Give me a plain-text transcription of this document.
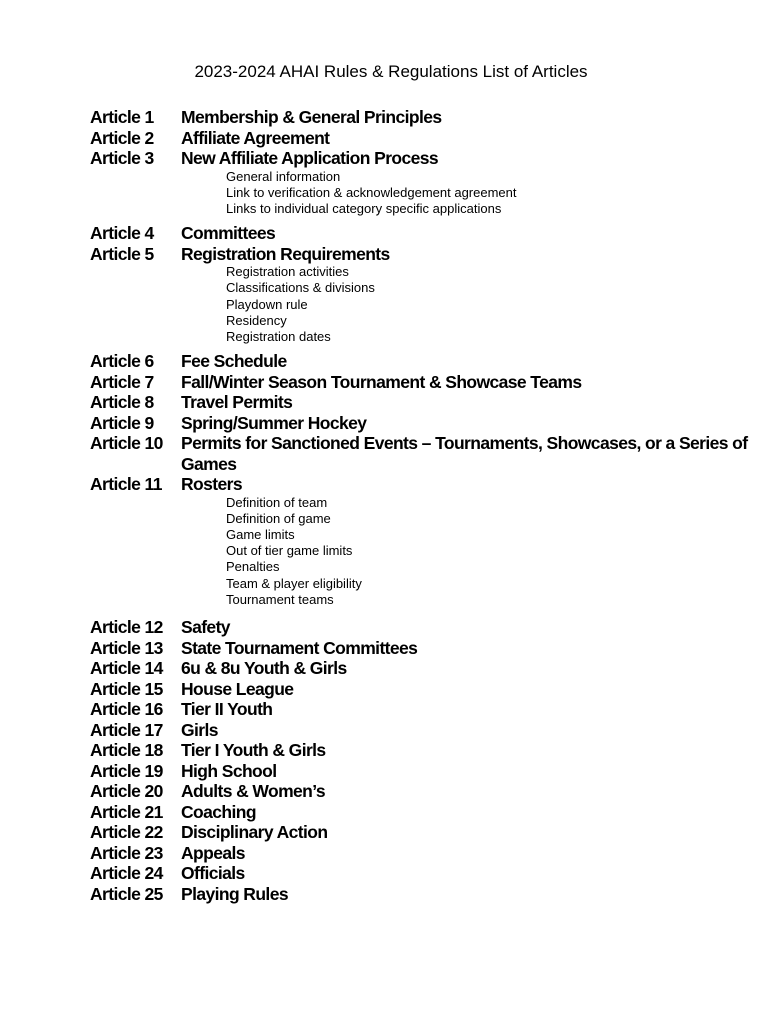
2023-2024 AHAI Rules & Regulations List of Articles
Article 1	Membership & General Principles
Article 2	Affiliate Agreement
Article 3	New Affiliate Application Process
General information
Link to verification & acknowledgement agreement
Links to individual category specific applications
Article 4	Committees
Article 5	Registration Requirements
Registration activities
Classifications & divisions
Playdown rule
Residency
Registration dates
Article 6	Fee Schedule
Article 7	Fall/Winter Season Tournament & Showcase Teams
Article 8	Travel Permits
Article 9	Spring/Summer Hockey
Article 10	Permits for Sanctioned Events – Tournaments, Showcases, or a Series of Games
Article 11	Rosters
Definition of team
Definition of game
Game limits
Out of tier game limits
Penalties
Team & player eligibility
Tournament teams
Article 12	Safety
Article 13	State Tournament Committees
Article 14	6u & 8u Youth & Girls
Article 15	House League
Article 16	Tier II Youth
Article 17	Girls
Article 18	Tier I Youth & Girls
Article 19	High School
Article 20	Adults & Women’s
Article 21	Coaching
Article 22	Disciplinary Action
Article 23	Appeals
Article 24	Officials
Article 25	Playing Rules
